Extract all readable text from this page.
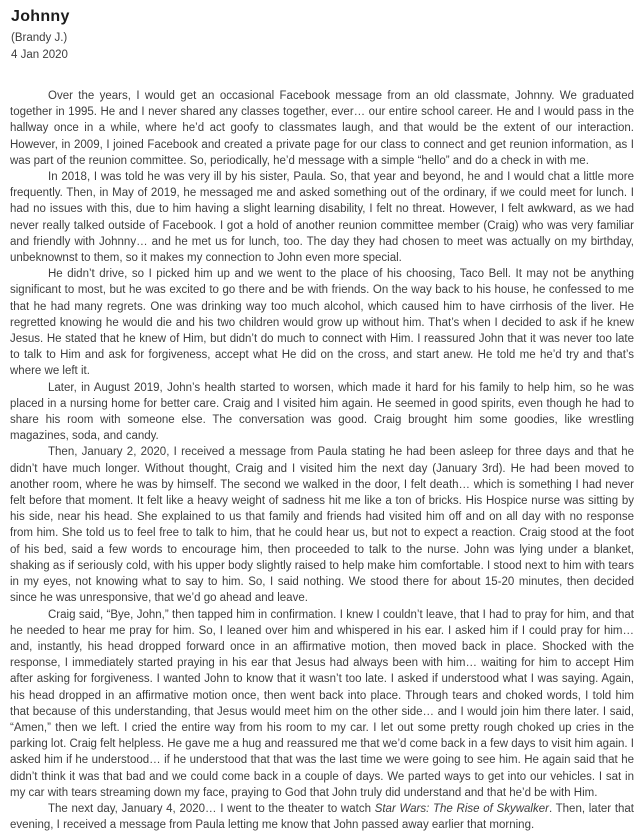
Johnny
(Brandy J.)
4 Jan 2020

Over the years, I would get an occasional Facebook message from an old classmate, Johnny. We graduated together in 1995. He and I never shared any classes together, ever… our entire school career. He and I would pass in the hallway once in a while, where he’d act goofy to classmates laugh, and that would be the extent of our interaction. However, in 2009, I joined Facebook and created a private page for our class to connect and get reunion information, as I was part of the reunion committee. So, periodically, he’d message with a simple “hello” and do a check in with me.

In 2018, I was told he was very ill by his sister, Paula. So, that year and beyond, he and I would chat a little more frequently. Then, in May of 2019, he messaged me and asked something out of the ordinary, if we could meet for lunch. I had no issues with this, due to him having a slight learning disability, I felt no threat. However, I felt awkward, as we had never really talked outside of Facebook. I got a hold of another reunion committee member (Craig) who was very familiar and friendly with Johnny… and he met us for lunch, too. The day they had chosen to meet was actually on my birthday, unbeknownst to them, so it makes my connection to John even more special.

He didn’t drive, so I picked him up and we went to the place of his choosing, Taco Bell. It may not be anything significant to most, but he was excited to go there and be with friends. On the way back to his house, he confessed to me that he had many regrets. One was drinking way too much alcohol, which caused him to have cirrhosis of the liver. He regretted knowing he would die and his two children would grow up without him. That’s when I decided to ask if he knew Jesus. He stated that he knew of Him, but didn’t do much to connect with Him. I reassured John that it was never too late to talk to Him and ask for forgiveness, accept what He did on the cross, and start anew. He told me he’d try and that’s where we left it.

Later, in August 2019, John’s health started to worsen, which made it hard for his family to help him, so he was placed in a nursing home for better care. Craig and I visited him again. He seemed in good spirits, even though he had to share his room with someone else. The conversation was good. Craig brought him some goodies, like wrestling magazines, soda, and candy.

Then, January 2, 2020, I received a message from Paula stating he had been asleep for three days and that he didn’t have much longer. Without thought, Craig and I visited him the next day (January 3rd). He had been moved to another room, where he was by himself. The second we walked in the door, I felt death… which is something I had never felt before that moment. It felt like a heavy weight of sadness hit me like a ton of bricks. His Hospice nurse was sitting by his side, near his head. She explained to us that family and friends had visited him off and on all day with no response from him. She told us to feel free to talk to him, that he could hear us, but not to expect a reaction. Craig stood at the foot of his bed, said a few words to encourage him, then proceeded to talk to the nurse. John was lying under a blanket, shaking as if seriously cold, with his upper body slightly raised to help make him comfortable. I stood next to him with tears in my eyes, not knowing what to say to him. So, I said nothing. We stood there for about 15-20 minutes, then decided since he was unresponsive, that we’d go ahead and leave.

Craig said, “Bye, John,” then tapped him in confirmation. I knew I couldn’t leave, that I had to pray for him, and that he needed to hear me pray for him. So, I leaned over him and whispered in his ear. I asked him if I could pray for him… and, instantly, his head dropped forward once in an affirmative motion, then moved back in place. Shocked with the response, I immediately started praying in his ear that Jesus had always been with him… waiting for him to accept Him after asking for forgiveness. I wanted John to know that it wasn’t too late. I asked if understood what I was saying. Again, his head dropped in an affirmative motion once, then went back into place. Through tears and choked words, I told him that because of this understanding, that Jesus would meet him on the other side… and I would join him there later. I said, “Amen,” then we left. I cried the entire way from his room to my car. I let out some pretty rough choked up cries in the parking lot. Craig felt helpless. He gave me a hug and reassured me that we’d come back in a few days to visit him again. I asked him if he understood… if he understood that that was the last time we were going to see him. He again said that he didn’t think it was that bad and we could come back in a couple of days. We parted ways to get into our vehicles. I sat in my car with tears streaming down my face, praying to God that John truly did understand and that he’d be with Him.

The next day, January 4, 2020… I went to the theater to watch Star Wars: The Rise of Skywalker. Then, later that evening, I received a message from Paula letting me know that John passed away earlier that morning.
